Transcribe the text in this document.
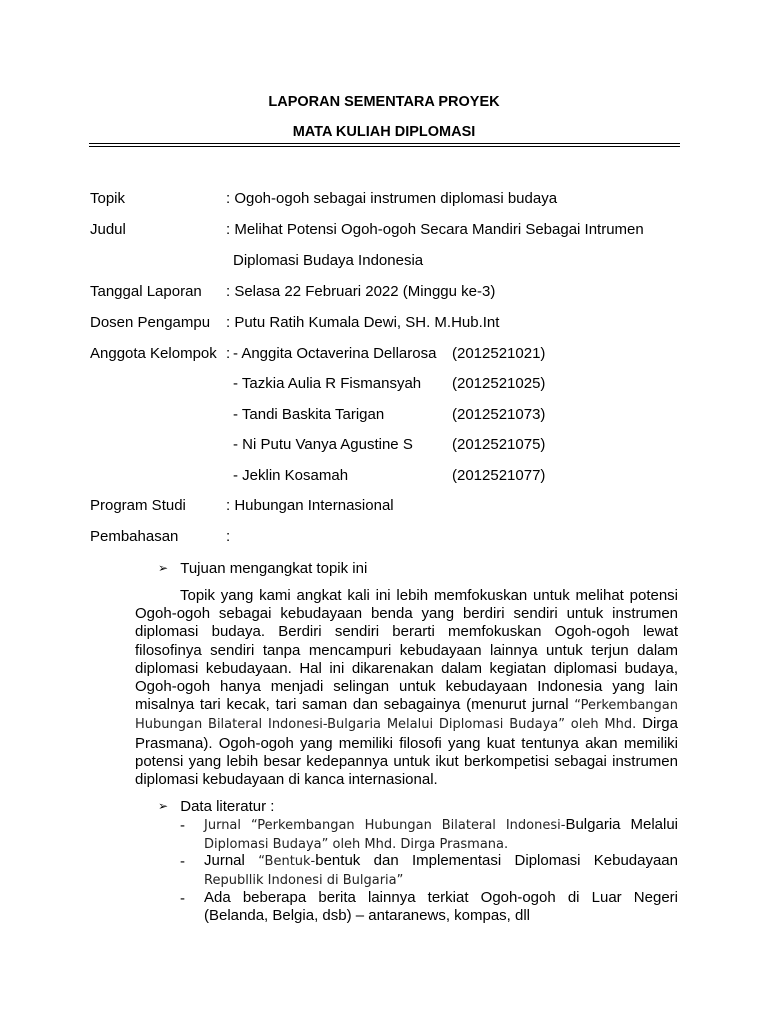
LAPORAN SEMENTARA PROYEK
MATA KULIAH DIPLOMASI
Topik	: Ogoh-ogoh sebagai instrumen diplomasi budaya
Judul	: Melihat Potensi Ogoh-ogoh Secara Mandiri Sebagai Intrumen
Diplomasi Budaya Indonesia
Tanggal Laporan : Selasa 22 Februari 2022 (Minggu ke-3)
Dosen Pengampu : Putu Ratih Kumala Dewi, SH. M.Hub.Int
Anggota Kelompok : - Anggita Octaverina Dellarosa (2012521021)
- Tazkia Aulia R Fismansyah (2012521025)
- Tandi Baskita Tarigan	(2012521073)
- Ni Putu Vanya Agustine S	(2012521075)
- Jeklin Kosamah	(2012521077)
Program Studi	: Hubungan Internasional
Pembahasan	:
➢ Tujuan mengangkat topik ini
Topik yang kami angkat kali ini lebih memfokuskan untuk melihat potensi Ogoh-ogoh sebagai kebudayaan benda yang berdiri sendiri untuk instrumen diplomasi budaya. Berdiri sendiri berarti memfokuskan Ogoh-ogoh lewat filosofinya sendiri tanpa mencampuri kebudayaan lainnya untuk terjun dalam diplomasi kebudayaan. Hal ini dikarenakan dalam kegiatan diplomasi budaya, Ogoh-ogoh hanya menjadi selingan untuk kebudayaan Indonesia yang lain misalnya tari kecak, tari saman dan sebagainya (menurut jurnal “Perkembangan Hubungan Bilateral Indonesi-Bulgaria Melalui Diplomasi Budaya” oleh Mhd. Dirga Prasmana). Ogoh-ogoh yang memiliki filosofi yang kuat tentunya akan memiliki potensi yang lebih besar kedepannya untuk ikut berkompetisi sebagai instrumen diplomasi kebudayaan di kanca internasional.
➢ Data literatur :
- Jurnal “Perkembangan Hubungan Bilateral Indonesi-Bulgaria Melalui Diplomasi Budaya” oleh Mhd. Dirga Prasmana.
- Jurnal “Bentuk-bentuk dan Implementasi Diplomasi Kebudayaan Republlik Indonesi di Bulgaria”
- Ada beberapa berita lainnya terkiat Ogoh-ogoh di Luar Negeri (Belanda, Belgia, dsb) – antaranews, kompas, dll
